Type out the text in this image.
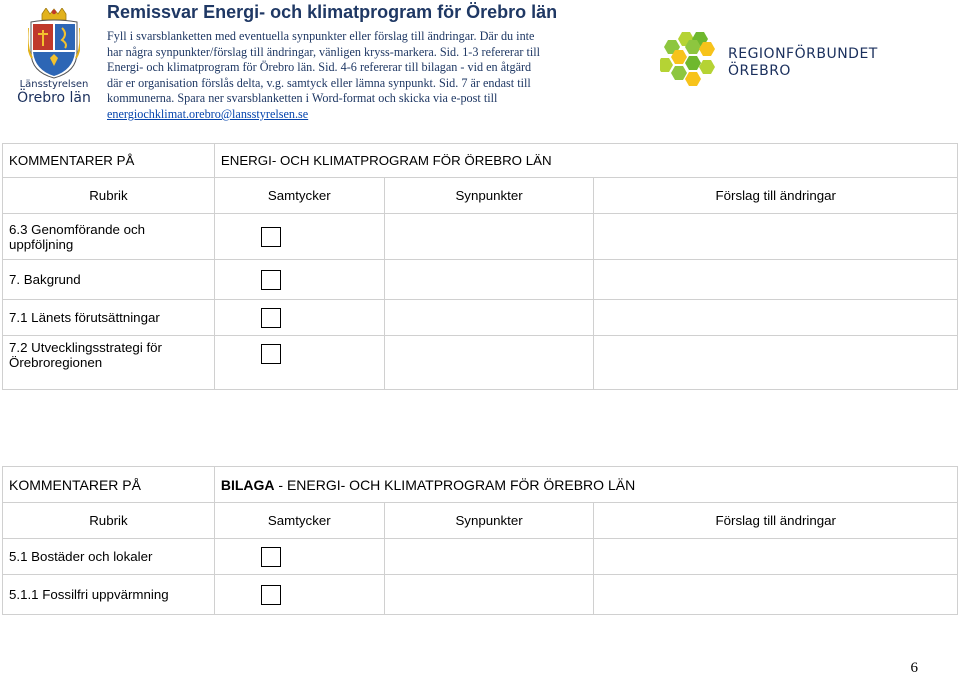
Länsstyrelsen
Örebro län
Remissvar Energi- och klimatprogram för Örebro län
Fyll i svarsblanketten med eventuella synpunkter eller förslag till ändringar. Där du inte har några synpunkter/förslag till ändringar, vänligen kryss-markera. Sid. 1-3 refererar till Energi- och klimatprogram för Örebro län. Sid. 4-6 refererar till bilagan - vid en åtgärd där er organisation förslås delta, v.g. samtyck eller lämna synpunkt. Sid. 7 är endast till kommunerna. Spara ner svarsblanketten i Word-format och skicka via e-post till energiochklimat.orebro@lansstyrelsen.se
REGIONFÖRBUNDET
ÖREBRO
KOMMENTARER PÅ	ENERGI- OCH KLIMATPROGRAM FÖR ÖREBRO LÄN		
Rubrik	Samtycker	Synpunkter	Förslag till ändringar
6.3 Genomförande och uppföljning			
7. Bakgrund			
7.1 Länets förutsättningar			
7.2 Utvecklingsstrategi för Örebroregionen			
KOMMENTARER PÅ	BILAGA - ENERGI- OCH KLIMATPROGRAM FÖR ÖREBRO LÄN		
Rubrik	Samtycker	Synpunkter	Förslag till ändringar
5.1 Bostäder och lokaler			
5.1.1 Fossilfri uppvärmning			
6
